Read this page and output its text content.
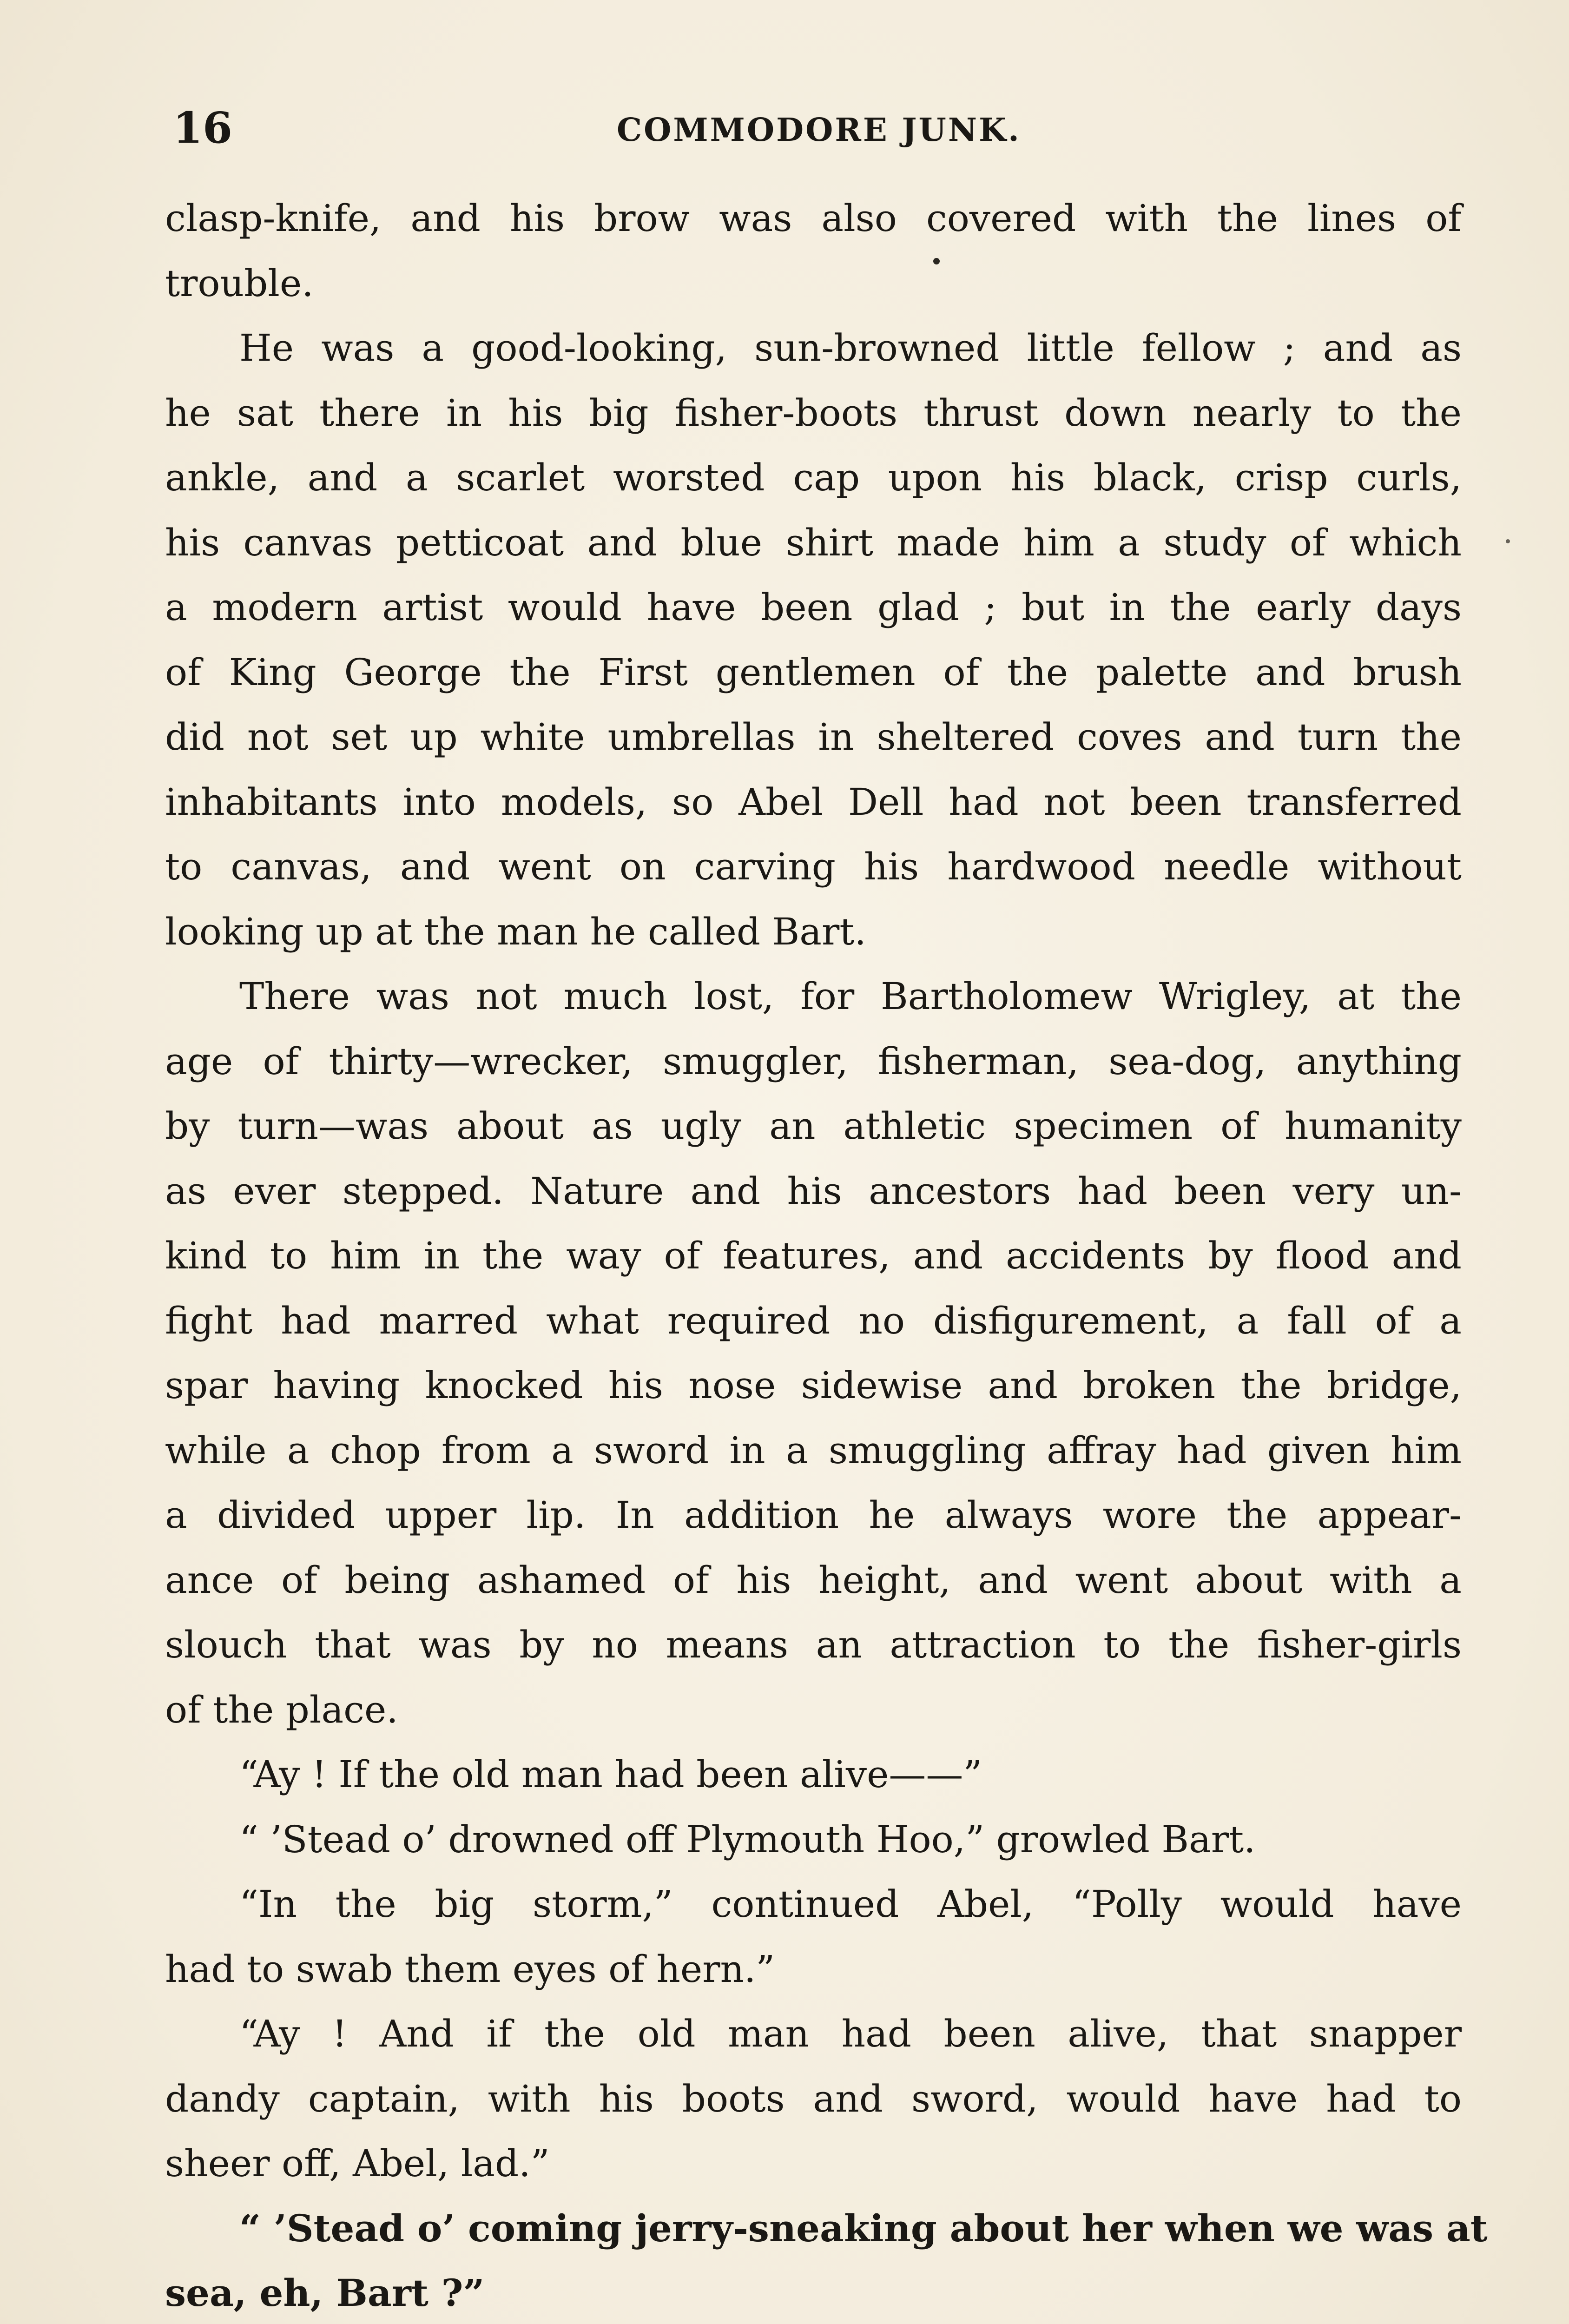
16	COMMODORE JUNK.
clasp-knife, and his brow was also covered with the lines of
trouble.
He was a good-looking, sun-browned little fellow ; and as
he sat there in his big fisher-boots thrust down nearly to the
ankle, and a scarlet worsted cap upon his black, crisp curls,
his canvas petticoat and blue shirt made him a study of which
a modern artist would have been glad ; but in the early days
of King George the First gentlemen of the palette and brush
did not set up white umbrellas in sheltered coves and turn the
inhabitants into models, so Abel Dell had not been transferred
to canvas, and went on carving his hardwood needle without
looking up at the man he called Bart.
There was not much lost, for Bartholomew Wrigley, at the
age of thirty—wrecker, smuggler, fisherman, sea-dog, anything
by turn—was about as ugly an athletic specimen of humanity
as ever stepped. Nature and his ancestors had been very un-
kind to him in the way of features, and accidents by flood and
fight had marred what required no disfigurement, a fall of a
spar having knocked his nose sidewise and broken the bridge,
while a chop from a sword in a smuggling affray had given him
a divided upper lip. In addition he always wore the appear-
ance of being ashamed of his height, and went about with a
slouch that was by no means an attraction to the fisher-girls
of the place.
“Ay ! If the old man had been alive——”
“ ’Stead o’ drowned off Plymouth Hoo,” growled Bart.
“In the big storm,” continued Abel, “Polly would have
had to swab them eyes of hern.”
“Ay ! And if the old man had been alive, that snapper
dandy captain, with his boots and sword, would have had to
sheer off, Abel, lad.”
“ ’Stead o’ coming jerry-sneaking about her when we was at
sea, eh, Bart ?”
